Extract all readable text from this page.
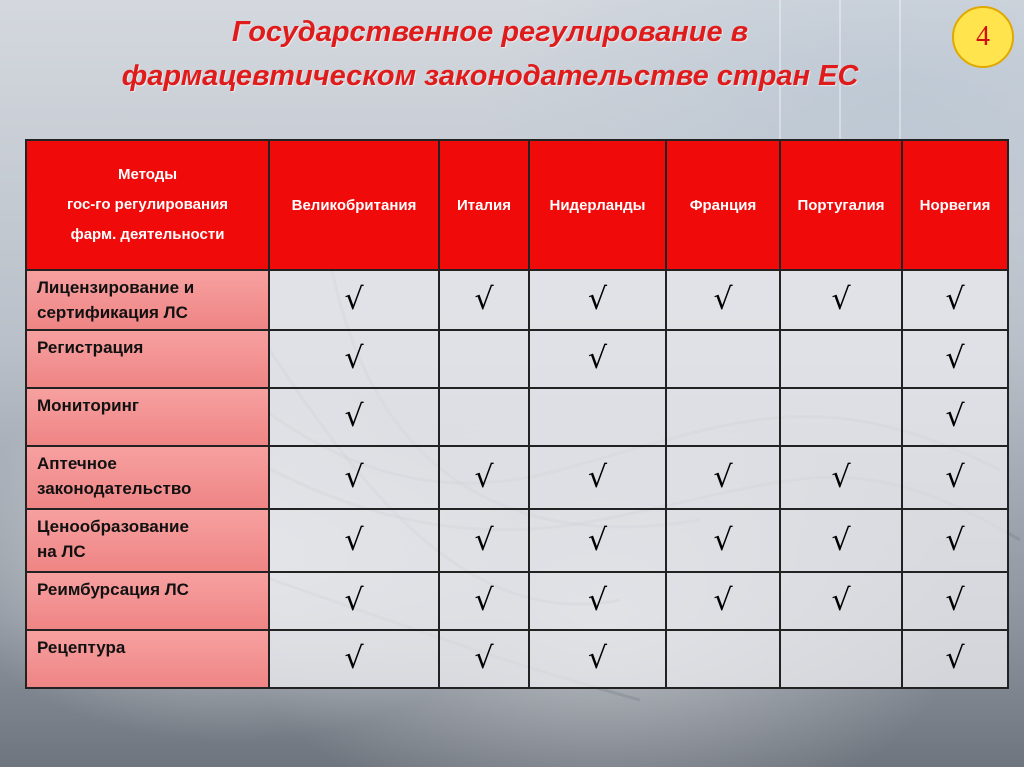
Государственное регулирование в
фармацевтическом законодательстве стран ЕС
4
Методы
гос-го регулирования
фарм. деятельности	Великобритания	Италия	Нидерланды	Франция	Португалия	Норвегия

Лицензирование и
сертификация ЛС	√	√	√	√	√	√

Регистрация	√		√			√

Мониторинг	√					√

Аптечное
законодательство	√	√	√	√	√	√

Ценообразование
на ЛС	√	√	√	√	√	√

Реимбурсация ЛС	√	√	√	√	√	√

Рецептура	√	√	√			√
